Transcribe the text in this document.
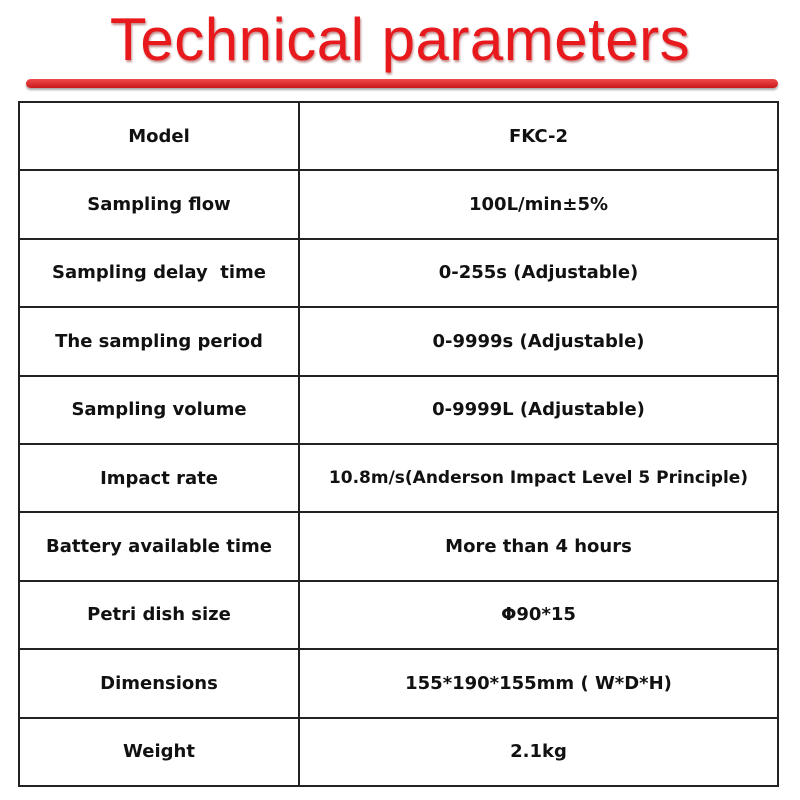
Technical parameters
Model	FKC-2
Sampling flow	100L/min±5%
Sampling delay  time	0-255s (Adjustable)
The sampling period	0-9999s (Adjustable)
Sampling volume	0-9999L (Adjustable)
Impact rate	10.8m/s(Anderson Impact Level 5 Principle)
Battery available time	More than 4 hours
Petri dish size	Φ90*15
Dimensions	155*190*155mm ( W*D*H)
Weight	2.1kg
